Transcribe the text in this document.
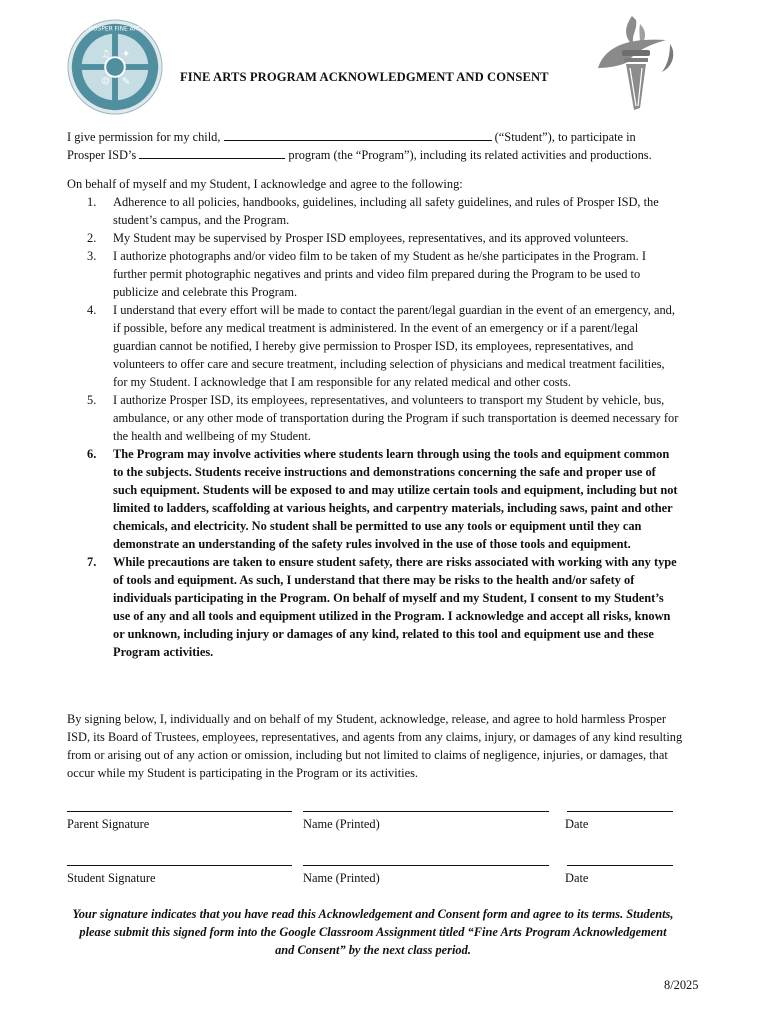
♫ ✦
☺ ✎
PROSPER FINE ARTS
FINE ARTS PROGRAM ACKNOWLEDGMENT AND CONSENT
I give permission for my child,	(“Student”), to participate in
Prosper ISD’s	program (the “Program”), including its related activities and productions.
On behalf of myself and my Student, I acknowledge and agree to the following:
1. Adherence to all policies, handbooks, guidelines, including all safety guidelines, and rules of Prosper ISD, the student’s campus, and the Program.
2. My Student may be supervised by Prosper ISD employees, representatives, and its approved volunteers.
3. I authorize photographs and/or video film to be taken of my Student as he/she participates in the Program. I further permit photographic negatives and prints and video film prepared during the Program to be used to publicize and celebrate this Program.
4. I understand that every effort will be made to contact the parent/legal guardian in the event of an emergency, and, if possible, before any medical treatment is administered. In the event of an emergency or if a parent/legal guardian cannot be notified, I hereby give permission to Prosper ISD, its employees, representatives, and volunteers to offer care and secure treatment, including selection of physicians and medical treatment facilities, for my Student. I acknowledge that I am responsible for any related medical and other costs.
5. I authorize Prosper ISD, its employees, representatives, and volunteers to transport my Student by vehicle, bus, ambulance, or any other mode of transportation during the Program if such transportation is deemed necessary for the health and wellbeing of my Student.
6. The Program may involve activities where students learn through using the tools and equipment common to the subjects. Students receive instructions and demonstrations concerning the safe and proper use of such equipment. Students will be exposed to and may utilize certain tools and equipment, including but not limited to ladders, scaffolding at various heights, and carpentry materials, including saws, paint and other chemicals, and electricity. No student shall be permitted to use any tools or equipment until they can demonstrate an understanding of the safety rules involved in the use of those tools and equipment.
7. While precautions are taken to ensure student safety, there are risks associated with working with any type of tools and equipment. As such, I understand that there may be risks to the health and/or safety of individuals participating in the Program. On behalf of myself and my Student, I consent to my Student’s use of any and all tools and equipment utilized in the Program. I acknowledge and accept all risks, known or unknown, including injury or damages of any kind, related to this tool and equipment use and these Program activities.
By signing below, I, individually and on behalf of my Student, acknowledge, release, and agree to hold harmless Prosper ISD, its Board of Trustees, employees, representatives, and agents from any claims, injury, or damages of any kind resulting from or arising out of any action or omission, including but not limited to claims of negligence, injuries, or damages, that occur while my Student is participating in the Program or its activities.
Parent Signature	Name (Printed)	Date
Student Signature	Name (Printed)	Date
Your signature indicates that you have read this Acknowledgement and Consent form and agree to its terms. Students, please submit this signed form into the Google Classroom Assignment titled “Fine Arts Program Acknowledgement and Consent” by the next class period.
8/2025
